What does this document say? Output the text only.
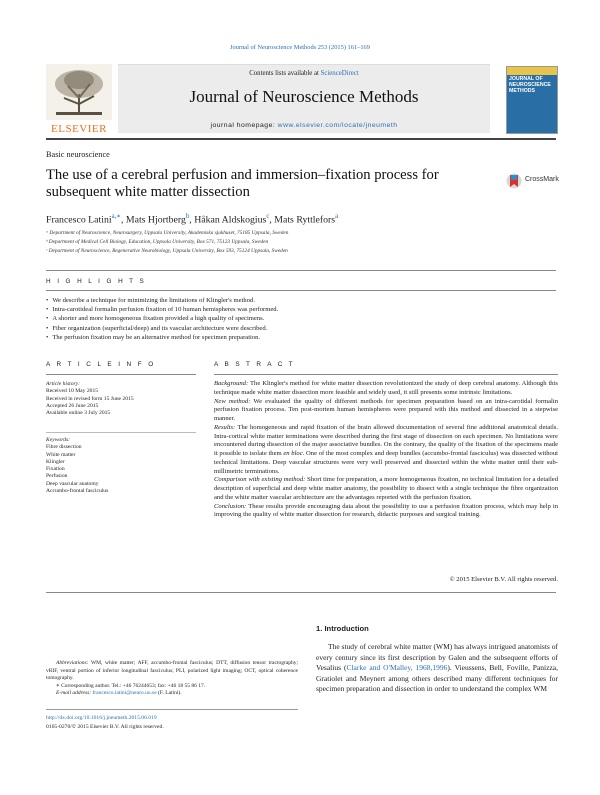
Journal of Neuroscience Methods 253 (2015) 161–169
ELSEVIER
Contents lists available at ScienceDirect
Journal of Neuroscience Methods
journal homepage: www.elsevier.com/locate/jneumeth
JOURNAL OF NEUROSCIENCE METHODS
Basic neuroscience
The use of a cerebral perfusion and immersion–fixation process for subsequent white matter dissection
CrossMark
Francesco Latini$^{a,∗}$, Mats Hjortberg$^b$, Håkan Aldskogius$^c$, Mats Ryttlefors$^a$
ᵃ Department of Neuroscience, Neurosurgery, Uppsala University, Akademiska sjukhuset, 75185 Uppsala, Sweden
ᵇ Department of Medical Cell Biology, Education, Uppsala University, Box 571, 75123 Uppsala, Sweden
ᶜ Department of Neuroscience, Regenerative Neurobiology, Uppsala University, Box 593, 75124 Uppsala, Sweden
H I G H L I G H T S
• We describe a technique for minimizing the limitations of Klingler's method.
• Intra-carotideal formalin perfusion fixation of 10 human hemispheres was performed.
• A shorter and more homogeneous fixation provided a high quality of specimens.
• Fiber organization (superficial/deep) and its vascular architecture were described.
• The perfusion fixation may be an alternative method for specimen preparation.
A R T I C L E I N F O	A B S T R A C T
Article history:
Received 10 May 2015
Received in revised form 15 June 2015
Accepted 26 June 2015
Available online 3 July 2015
Keywords:
Fibre dissection
White matter
Klingler
Fixation
Perfusion
Deep vascular anatomy
Accumbo-frontal fasciculus

Background: The Klingler's method for white matter dissection revolutionized the study of deep cerebral anatomy. Although this technique made white matter dissection more feasible and widely used, it still presents some intrinsic limitations.

New method: We evaluated the quality of different methods for specimen preparation based on an intra-carotidal formalin perfusion fixation process. Ten post-mortem human hemispheres were prepared with this method and dissected in a stepwise manner.

Results: The homogeneous and rapid fixation of the brain allowed documentation of several fine additional anatomical details. Intra-cortical white matter terminations were described during the first stage of dissection on each specimen. No limitations were encountered during dissection of the major associative bundles. On the contrary, the quality of the fixation of the specimens made it possible to isolate them en bloc. One of the most complex and deep bundles (accumbo-frontal fasciculus) was dissected without technical limitations. Deep vascular structures were very well preserved and dissected within the white matter until their sub-millimetric terminations.

Comparison with existing method: Short time for preparation, a more homogeneous fixation, no technical limitation for a detailed description of superficial and deep white matter anatomy, the possibility to dissect with a single technique the fibre organization and the white matter vascular architecture are the advantages reported with the perfusion fixation.

Conclusion: These results provide encouraging data about the possibility to use a perfusion fixation process, which may help in improving the quality of white matter dissection for research, didactic purposes and surgical training.

© 2015 Elsevier B.V. All rights reserved.
1. Introduction
The study of cerebral white matter (WM) has always intrigued anatomists of every century since its first description by Galen and the subsequent efforts of Vesalius (Clarke and O'Malley, 1968,1996). Vieussens, Bell, Foville, Panizza, Gratiolet and Meynert among others described many different techniques for specimen preparation and dissection in order to understand the complex WM
Abbreviations: WM, white matter; AFF, accumbo-frontal fasciculus; DTT, diffusion tensor tractography; vRIF, ventral portion of inferior longitudinal fasciculus; PLI, polarized light imaging; OCT, optical coherence tomography.
∗ Corresponding author. Tel.: +46 76244653; fax: +46 18 55 86 17.
E-mail address: francesco.latini@neuro.uu.se (F. Latini).
http://dx.doi.org/10.1016/j.jneumeth.2015.06.019
0165-0270/© 2015 Elsevier B.V. All rights reserved.
